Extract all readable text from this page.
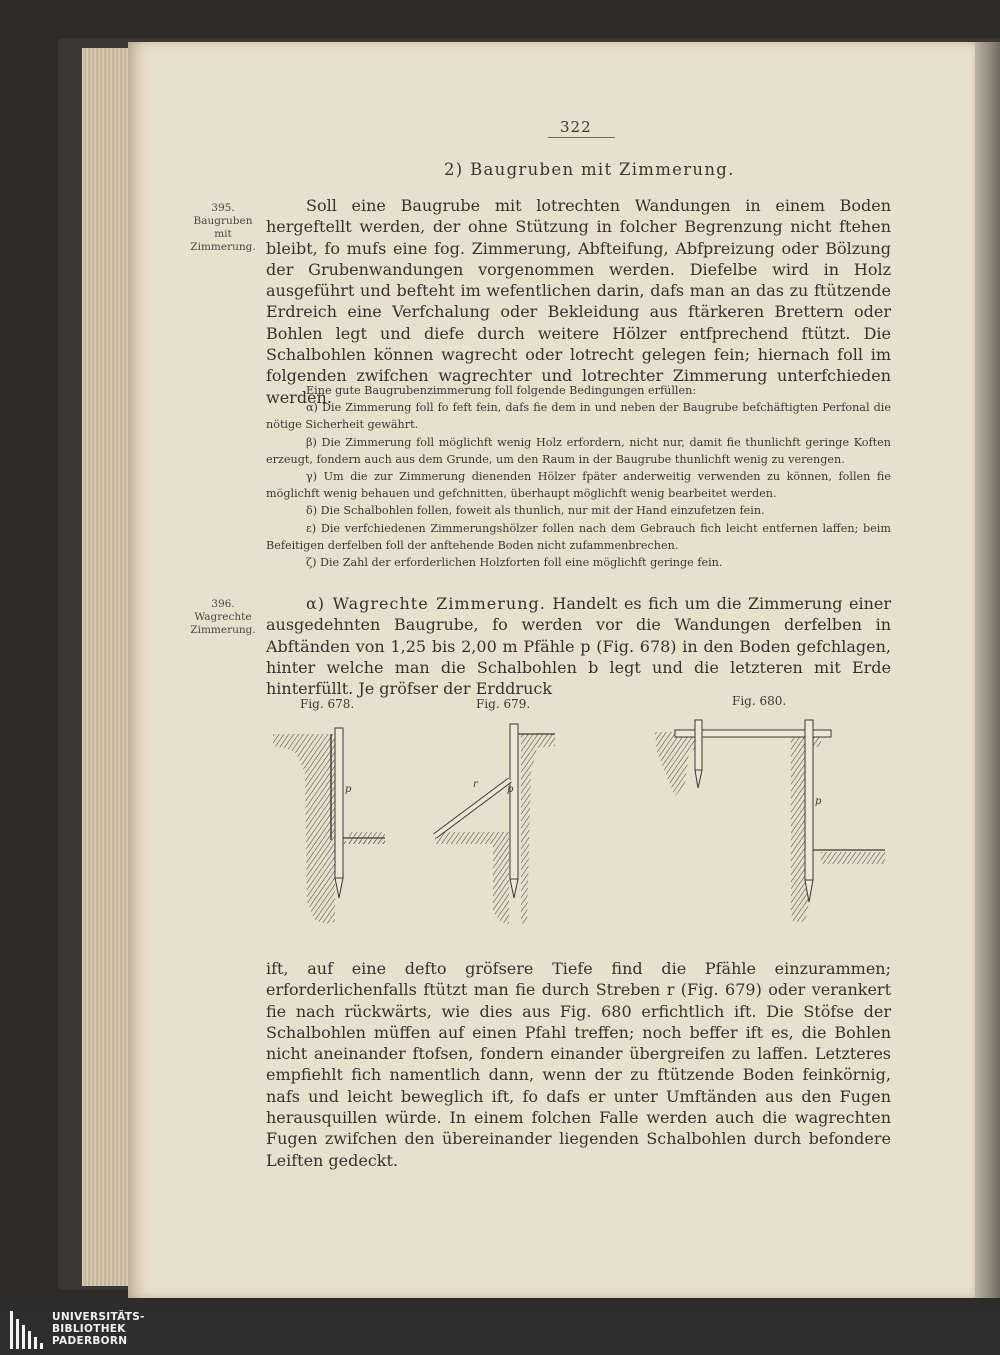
322
2) Baugruben mit Zimmerung.
395.
Baugruben
mit
Zimmerung.
396.
Wagrechte
Zimmerung.

Soll eine Baugrube mit lotrechten Wandungen in einem Boden hergeftellt werden, der ohne Stützung in folcher Begrenzung nicht ftehen bleibt, fo mufs eine fog. Zimmerung, Abfteifung, Abfpreizung oder Bölzung der Grubenwandungen vorgenommen werden. Diefelbe wird in Holz ausgeführt und befteht im wefentlichen darin, dafs man an das zu ftützende Erdreich eine Verfchalung oder Bekleidung aus ftärkeren Brettern oder Bohlen legt und diefe durch weitere Hölzer entfprechend ftützt. Die Schalbohlen können wagrecht oder lotrecht gelegen fein; hiernach foll im folgenden zwifchen wagrechter und lotrechter Zimmerung unterfchieden werden.

Eine gute Baugrubenzimmerung foll folgende Bedingungen erfüllen:

α) Die Zimmerung foll fo feft fein, dafs fie dem in und neben der Baugrube befchäftigten Perfonal die nötige Sicherheit gewährt.

β) Die Zimmerung foll möglichft wenig Holz erfordern, nicht nur, damit fie thunlichft geringe Koften erzeugt, fondern auch aus dem Grunde, um den Raum in der Baugrube thunlichft wenig zu verengen.

γ) Um die zur Zimmerung dienenden Hölzer fpäter anderweitig verwenden zu können, follen fie möglichft wenig behauen und gefchnitten, überhaupt möglichft wenig bearbeitet werden.

δ) Die Schalbohlen follen, foweit als thunlich, nur mit der Hand einzufetzen fein.

ε) Die verfchiedenen Zimmerungshölzer follen nach dem Gebrauch fich leicht entfernen laffen; beim Befeitigen derfelben foll der anftehende Boden nicht zufammenbrechen.

ζ) Die Zahl der erforderlichen Holzforten foll eine möglichft geringe fein.

α) Wagrechte Zimmerung. Handelt es fich um die Zimmerung einer ausgedehnten Baugrube, fo werden vor die Wandungen derfelben in Abftänden von 1,25 bis 2,00 m Pfähle p (Fig. 678) in den Boden gefchlagen, hinter welche man die Schalbohlen b legt und die letzteren mit Erde hinterfüllt. Je gröfser der Erddruck

Fig. 678.	Fig. 679.	Fig. 680.
p	r	p
p

ift, auf eine defto gröfsere Tiefe find die Pfähle einzurammen; erforderlichenfalls ftützt man fie durch Streben r (Fig. 679) oder verankert fie nach rückwärts, wie dies aus Fig. 680 erfichtlich ift. Die Stöfse der Schalbohlen müffen auf einen Pfahl treffen; noch beffer ift es, die Bohlen nicht aneinander ftofsen, fondern einander übergreifen zu laffen. Letzteres empfiehlt fich namentlich dann, wenn der zu ftützende Boden feinkörnig, nafs und leicht beweglich ift, fo dafs er unter Umftänden aus den Fugen herausquillen würde. In einem folchen Falle werden auch die wagrechten Fugen zwifchen den übereinander liegenden Schalbohlen durch befondere Leiften gedeckt.

UNIVERSITÄTS-
BIBLIOTHEK
PADERBORN
